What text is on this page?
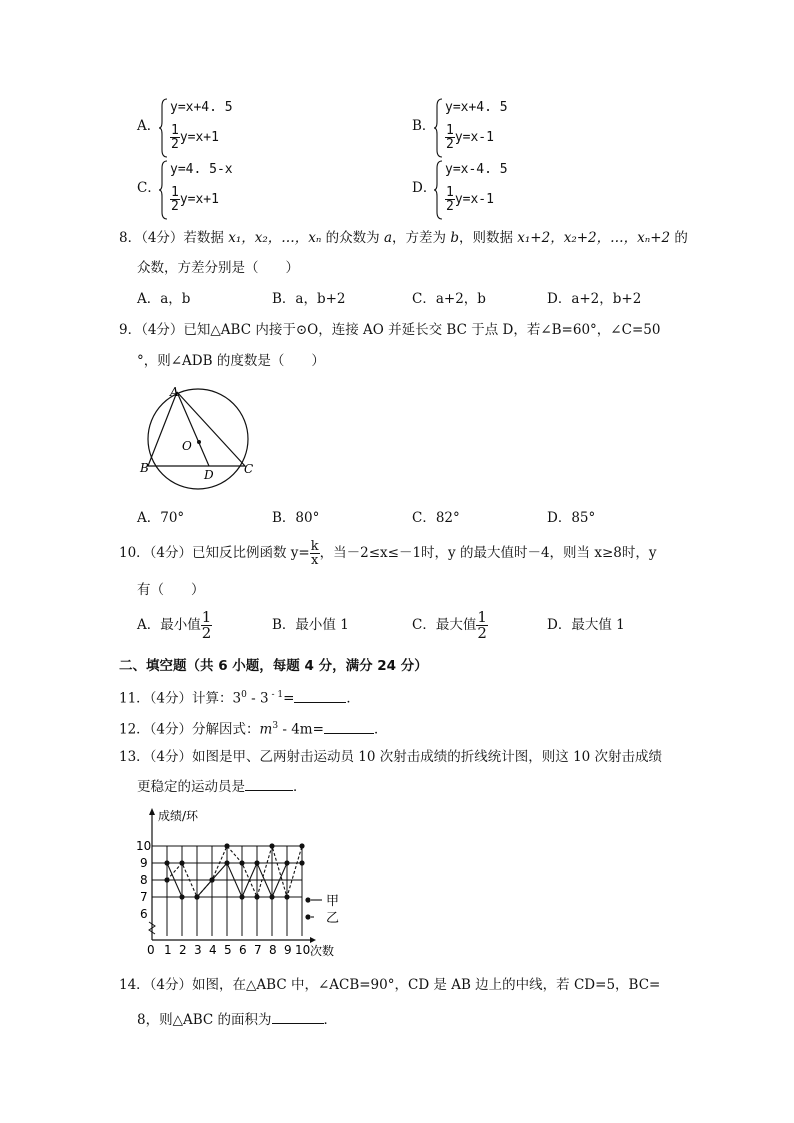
A．
y=x+4. 5
$\frac{1}{2} y=x+1$
B．
y=x+4. 5
$\frac{1}{2} y=x-1$
C．
y=4. 5-x
$\frac{1}{2} y=x+1$
D．
y=x-4. 5
$\frac{1}{2} y=x-1$
8．（4分）若数据 x₁，x₂，…，xₙ 的众数为 a，方差为 b，则数据 x₁+2，x₂+2，…，xₙ+2 的
众数，方差分别是（　　）
A．a，b	B．a，b+2	C．a+2，b	D．a+2，b+2
9．（4分）已知△ABC 内接于⊙O，连接 AO 并延长交 BC 于点 D，若∠B=60°，∠C=50
°，则∠ADB 的度数是（　　）
A
O
B	D	C
A．70°	B．80°	C．82°	D．85°
10．（4分）已知反比例函数 $y= \frac{k}{x}$ ，当－2≤x≤－1时，y 的最大值时－4，则当 x≥8时，y
有（　　）
A．最小值 $\frac{1}{2}$	B．最小值 1	C．最大值 $\frac{1}{2}$	D．最大值 1
二、填空题（共 6 小题，每题 4 分，满分 24 分）
11．（4分）计算：$3^0 - 3$ $^{- 1}$=	．
12．（4分）分解因式：$m^3 - 4m=$	．
13．（4分）如图是甲、乙两射击运动员 10 次射击成绩的折线统计图，则这 10 次射击成绩
更稳定的运动员是	．
6
7
8
9
10
0 1 2 3 4 5 6 7 8 9 10
成绩/环
次数
甲
乙
14．（4分）如图，在△ABC 中，∠ACB=90°，CD 是 AB 边上的中线，若 CD=5，BC=
8，则△ABC 的面积为	．
